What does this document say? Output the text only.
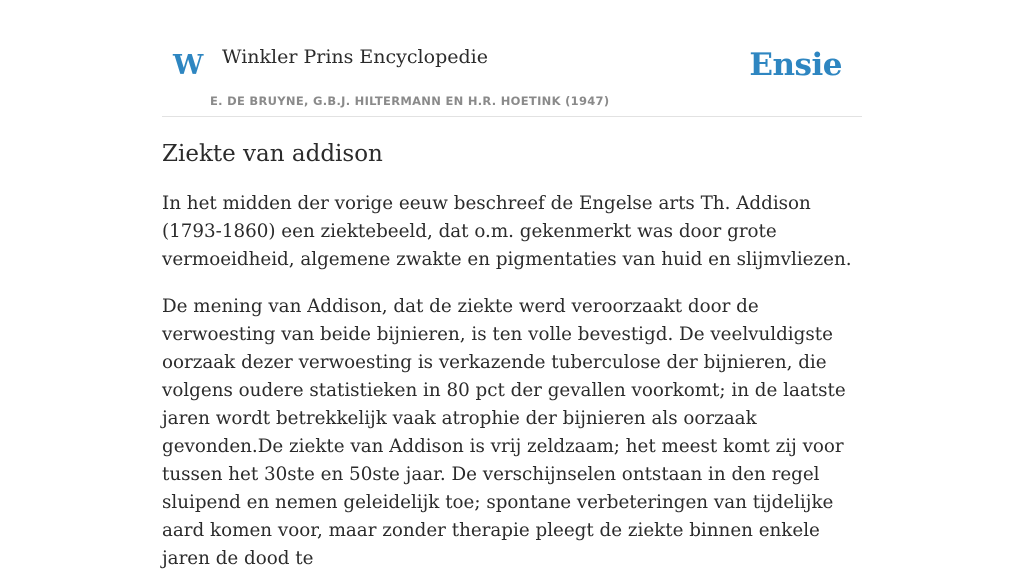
W Winkler Prins Encyclopedie
E. DE BRUYNE, G.B.J. HILTERMANN EN H.R. HOETINK (1947)
Ensie
Ziekte van addison

In het midden der vorige eeuw beschreef de Engelse arts Th. Addison (1793-1860) een ziektebeeld, dat o.m. gekenmerkt was door grote vermoeidheid, algemene zwakte en pigmentaties van huid en slijmvliezen.

De mening van Addison, dat de ziekte werd veroorzaakt door de verwoesting van beide bijnieren, is ten volle bevestigd. De veelvuldigste oorzaak dezer verwoesting is verkazende tuberculose der bijnieren, die volgens oudere statistieken in 80 pct der gevallen voorkomt; in de laatste jaren wordt betrekkelijk vaak atrophie der bijnieren als oorzaak gevonden.De ziekte van Addison is vrij zeldzaam; het meest komt zij voor tussen het 30ste en 50ste jaar. De verschijnselen ontstaan in den regel sluipend en nemen geleidelijk toe; spontane verbeteringen van tijdelijke aard komen voor, maar zonder therapie pleegt de ziekte binnen enkele jaren de dood te
